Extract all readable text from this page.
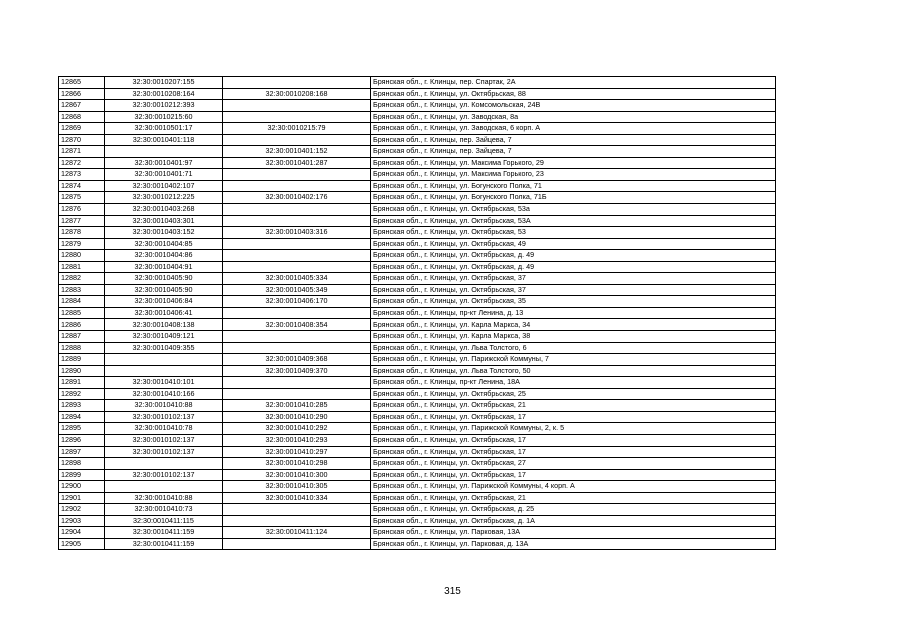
12865	32:30:0010207:155		Брянская обл., г. Клинцы, пер. Спартак, 2А
12866	32:30:0010208:164	32:30:0010208:168	Брянская обл., г. Клинцы, ул. Октябрьская, 88
12867	32:30:0010212:393		Брянская обл., г. Клинцы, ул. Комсомольская, 24В
12868	32:30:0010215:60		Брянская обл., г. Клинцы, ул. Заводская, 8а
12869	32:30:0010501:17	32:30:0010215:79	Брянская обл., г. Клинцы, ул. Заводская, 6 корп. А
12870	32:30:0010401:118		Брянская обл., г. Клинцы, пер. Зайцева, 7
12871		32:30:0010401:152	Брянская обл., г. Клинцы, пер. Зайцева, 7
12872	32:30:0010401:97	32:30:0010401:287	Брянская обл., г. Клинцы, ул. Максима Горького, 29
12873	32:30:0010401:71		Брянская обл., г. Клинцы, ул. Максима Горького, 23
12874	32:30:0010402:107		Брянская обл., г. Клинцы, ул. Богунского Полка, 71
12875	32:30:0010212:225	32:30:0010402:176	Брянская обл., г. Клинцы, ул. Богунского Полка, 71Б
12876	32:30:0010403:268		Брянская обл., г. Клинцы, ул. Октябрьская, 53а
12877	32:30:0010403:301		Брянская обл., г. Клинцы, ул. Октябрьская, 53А
12878	32:30:0010403:152	32:30:0010403:316	Брянская обл., г. Клинцы, ул. Октябрьская, 53
12879	32:30:0010404:85		Брянская обл., г. Клинцы, ул. Октябрьская, 49
12880	32:30:0010404:86		Брянская обл., г. Клинцы, ул. Октябрьская, д. 49
12881	32:30:0010404:91		Брянская обл., г. Клинцы, ул. Октябрьская, д. 49
12882	32:30:0010405:90	32:30:0010405:334	Брянская обл., г. Клинцы, ул. Октябрьская, 37
12883	32:30:0010405:90	32:30:0010405:349	Брянская обл., г. Клинцы, ул. Октябрьская, 37
12884	32:30:0010406:84	32:30:0010406:170	Брянская обл., г. Клинцы, ул. Октябрьская, 35
12885	32:30:0010406:41		Брянская обл., г. Клинцы, пр-кт Ленина, д. 13
12886	32:30:0010408:138	32:30:0010408:354	Брянская обл., г. Клинцы, ул. Карла Маркса, 34
12887	32:30:0010409:121		Брянская обл., г. Клинцы, ул. Карла Маркса, 38
12888	32:30:0010409:355		Брянская обл., г. Клинцы, ул. Льва Толстого, 6
12889		32:30:0010409:368	Брянская обл., г. Клинцы, ул. Парижской Коммуны, 7
12890		32:30:0010409:370	Брянская обл., г. Клинцы, ул. Льва Толстого, 50
12891	32:30:0010410:101		Брянская обл., г. Клинцы, пр-кт Ленина, 18А
12892	32:30:0010410:166		Брянская обл., г. Клинцы, ул. Октябрьская, 25
12893	32:30:0010410:88	32:30:0010410:285	Брянская обл., г. Клинцы, ул. Октябрьская, 21
12894	32:30:0010102:137	32:30:0010410:290	Брянская обл., г. Клинцы, ул. Октябрьская, 17
12895	32:30:0010410:78	32:30:0010410:292	Брянская обл., г. Клинцы, ул. Парижской Коммуны, 2, к. 5
12896	32:30:0010102:137	32:30:0010410:293	Брянская обл., г. Клинцы, ул. Октябрьская, 17
12897	32:30:0010102:137	32:30:0010410:297	Брянская обл., г. Клинцы, ул. Октябрьская, 17
12898		32:30:0010410:298	Брянская обл., г. Клинцы, ул. Октябрьская, 27
12899	32:30:0010102:137	32:30:0010410:300	Брянская обл., г. Клинцы, ул. Октябрьская, 17
12900		32:30:0010410:305	Брянская обл., г. Клинцы, ул. Парижской Коммуны, 4 корп. А
12901	32:30:0010410:88	32:30:0010410:334	Брянская обл., г. Клинцы, ул. Октябрьская, 21
12902	32:30:0010410:73		Брянская обл., г. Клинцы, ул. Октябрьская, д. 25
12903	32:30:0010411:115		Брянская обл., г. Клинцы, ул. Октябрьская, д. 1А
12904	32:30:0010411:159	32:30:0010411:124	Брянская обл., г. Клинцы, ул. Парковая, 13А
12905	32:30:0010411:159		Брянская обл., г. Клинцы, ул. Парковая, д. 13А
315
